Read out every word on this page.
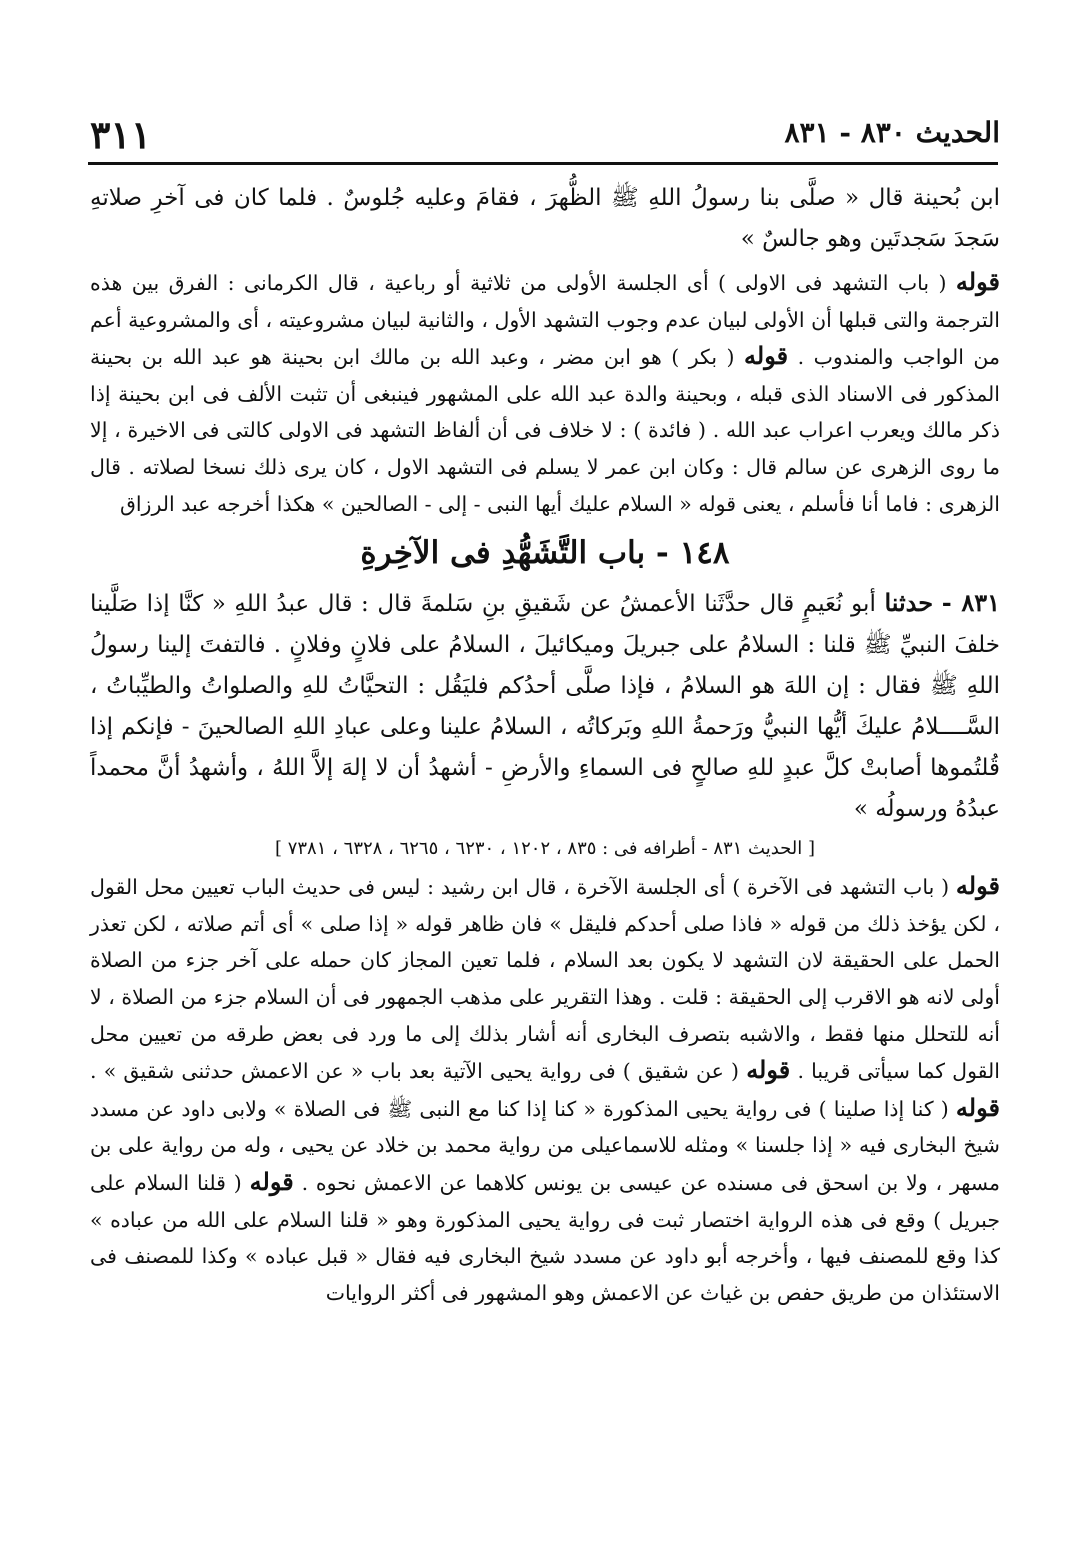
٣١١	الحديث ٨٣٠ - ٨٣١

ابن بُحينة قال « صلَّى بنا رسولُ اللهِ ﷺ الظُّهرَ ، فقامَ وعليه جُلوسٌ . فلما كان فى آخرِ صلاتهِ سَجدَ سَجدتَين وهو جالسٌ »

قوله ( باب التشهد فى الاولى ) أى الجلسة الأولى من ثلاثية أو رباعية ، قال الكرمانى : الفرق بين هذه الترجمة والتى قبلها أن الأولى لبيان عدم وجوب التشهد الأول ، والثانية لبيان مشروعيته ، أى والمشروعية أعم من الواجب والمندوب . قوله ( بكر ) هو ابن مضر ، وعبد الله بن مالك ابن بحينة هو عبد الله بن بحينة المذكور فى الاسناد الذى قبله ، وبحينة والدة عبد الله على المشهور فينبغى أن تثبت الألف فى ابن بحينة إذا ذكر مالك ويعرب اعراب عبد الله . ( فائدة ) : لا خلاف فى أن ألفاظ التشهد فى الاولى كالتى فى الاخيرة ، إلا ما روى الزهرى عن سالم قال : وكان ابن عمر لا يسلم فى التشهد الاول ، كان يرى ذلك نسخا لصلاته . قال الزهرى : فاما أنا فأسلم ، يعنى قوله « السلام عليك أيها النبى - إلى - الصالحين » هكذا أخرجه عبد الرزاق

١٤٨ - باب التَّشَهُّدِ فى الآخِرةِ

٨٣١ - حدثنا أبو نُعَيمٍ قال حدَّثَنا الأعمشُ عن شَقيقِ بنِ سَلمةَ قال : قال عبدُ اللهِ « كنَّا إذا صَلَّينا خلفَ النبيِّ ﷺ قلنا : السلامُ على جبريلَ وميكائيلَ ، السلامُ على فلانٍ وفلانٍ . فالتفتَ إلينا رسولُ اللهِ ﷺ فقال : إن اللهَ هو السلامُ ، فإذا صلَّى أحدُكم فليَقُل : التحيَّاتُ للهِ والصلواتُ والطيِّباتُ ، السَّــــلامُ عليكَ أيُّها النبيُّ ورَحمةُ اللهِ وبَركاتُه ، السلامُ علينا وعلى عبادِ اللهِ الصالحينَ - فإنكم إذا قُلتُموها أصابتْ كلَّ عبدٍ للهِ صالحٍ فى السماءِ والأرضِ - أشهدُ أن لا إلهَ إلاَّ اللهُ ، وأشهدُ أنَّ محمداً عبدُهُ ورسولُه »

[ الحديث ٨٣١ - أطرافه فى : ٨٣٥ ، ١٢٠٢ ، ٦٢٣٠ ، ٦٢٦٥ ، ٦٣٢٨ ، ٧٣٨١ ]

قوله ( باب التشهد فى الآخرة ) أى الجلسة الآخرة ، قال ابن رشيد : ليس فى حديث الباب تعيين محل القول ، لكن يؤخذ ذلك من قوله « فاذا صلى أحدكم فليقل » فان ظاهر قوله « إذا صلى » أى أتم صلاته ، لكن تعذر الحمل على الحقيقة لان التشهد لا يكون بعد السلام ، فلما تعين المجاز كان حمله على آخر جزء من الصلاة أولى لانه هو الاقرب إلى الحقيقة : قلت . وهذا التقرير على مذهب الجمهور فى أن السلام جزء من الصلاة ، لا أنه للتحلل منها فقط ، والاشبه بتصرف البخارى أنه أشار بذلك إلى ما ورد فى بعض طرقه من تعيين محل القول كما سيأتى قريبا . قوله ( عن شقيق ) فى رواية يحيى الآتية بعد باب « عن الاعمش حدثنى شقيق » . قوله ( كنا إذا صلينا ) فى رواية يحيى المذكورة « كنا إذا كنا مع النبى ﷺ فى الصلاة » ولابى داود عن مسدد شيخ البخارى فيه « إذا جلسنا » ومثله للاسماعيلى من رواية محمد بن خلاد عن يحيى ، وله من رواية على بن مسهر ، ولا بن اسحق فى مسنده عن عيسى بن يونس كلاهما عن الاعمش نحوه . قوله ( قلنا السلام على جبريل ) وقع فى هذه الرواية اختصار ثبت فى رواية يحيى المذكورة وهو « قلنا السلام على الله من عباده » كذا وقع للمصنف فيها ، وأخرجه أبو داود عن مسدد شيخ البخارى فيه فقال « قبل عباده » وكذا للمصنف فى الاستئذان من طريق حفص بن غياث عن الاعمش وهو المشهور فى أكثر الروايات
